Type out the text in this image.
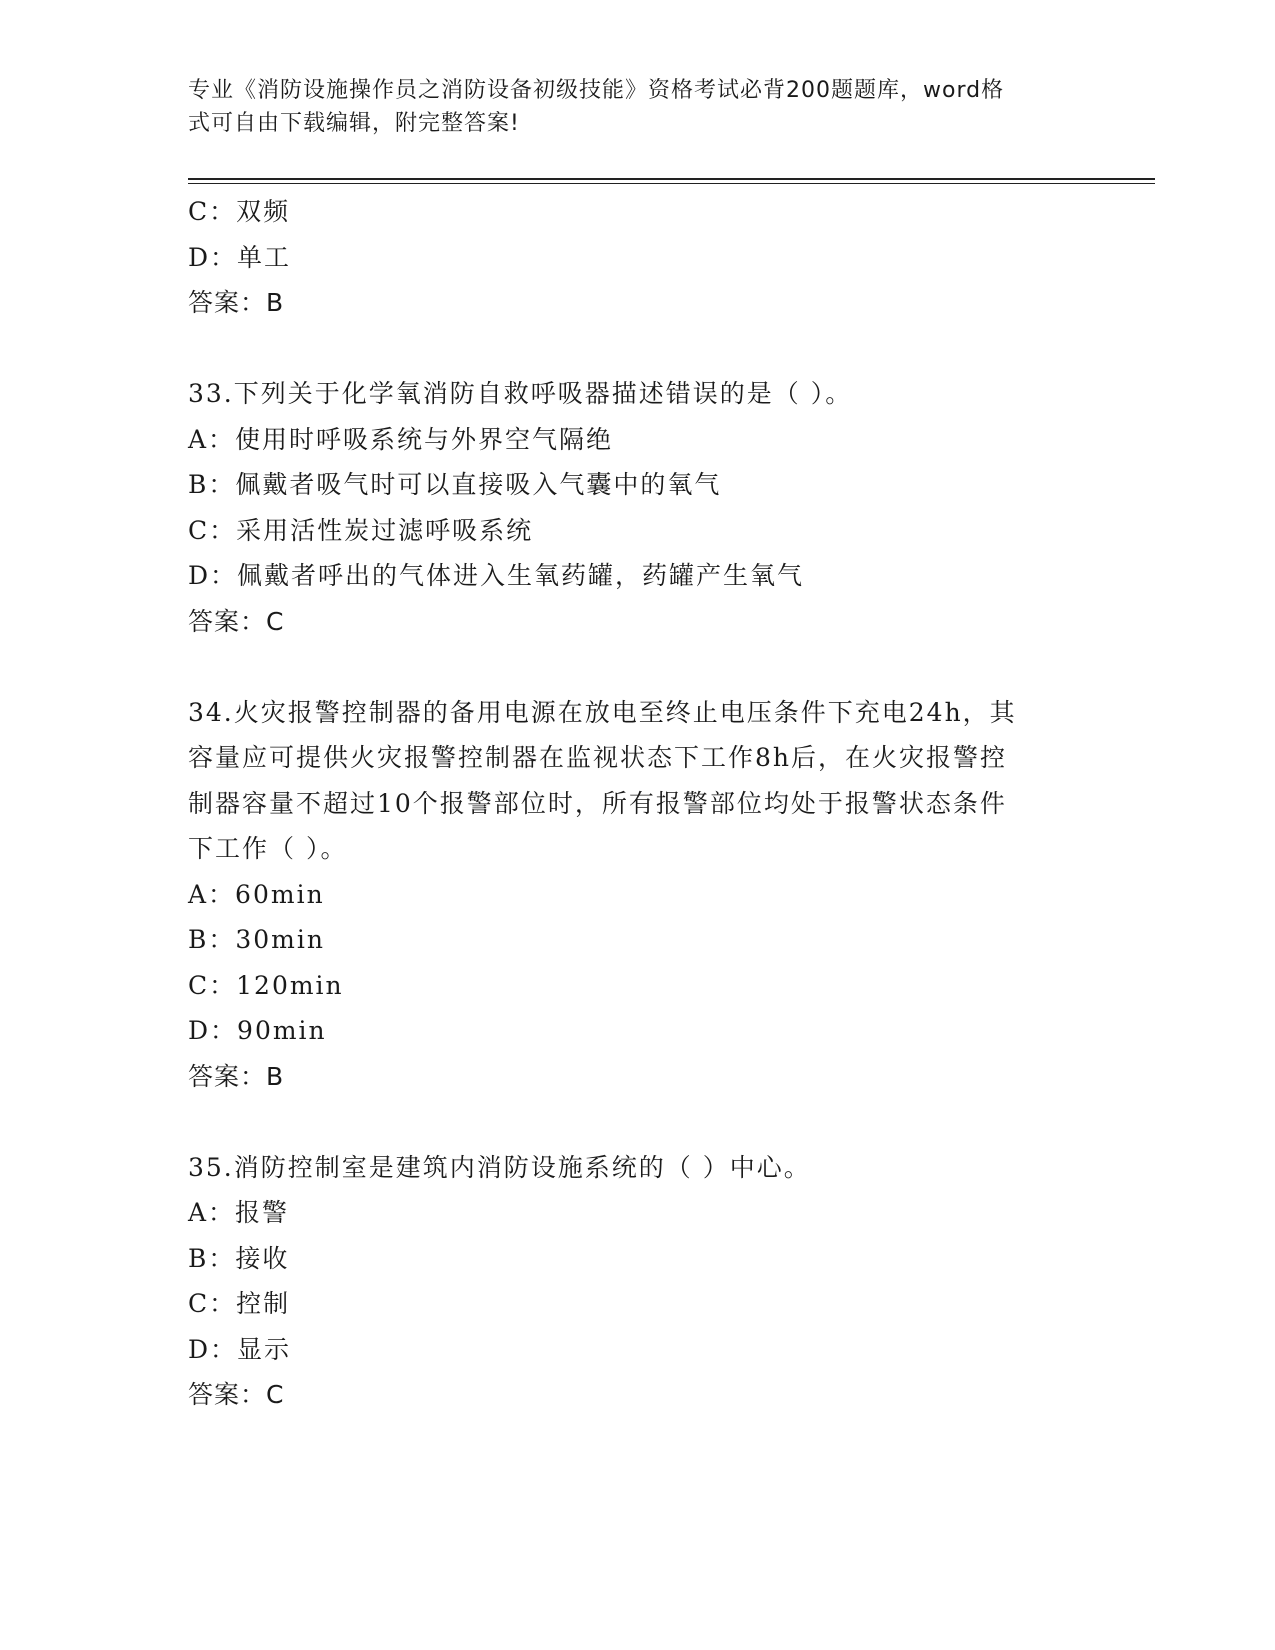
专业《消防设施操作员之消防设备初级技能》资格考试必背200题题库，word格
式可自由下载编辑，附完整答案!
C：双频
D：单工
答案：B
33.下列关于化学氧消防自救呼吸器描述错误的是（ ）。
A：使用时呼吸系统与外界空气隔绝
B：佩戴者吸气时可以直接吸入气囊中的氧气
C：采用活性炭过滤呼吸系统
D：佩戴者呼出的气体进入生氧药罐，药罐产生氧气
答案：C
34.火灾报警控制器的备用电源在放电至终止电压条件下充电24h，其
容量应可提供火灾报警控制器在监视状态下工作8h后，在火灾报警控
制器容量不超过10个报警部位时，所有报警部位均处于报警状态条件
下工作（ ）。
A：60min
B：30min
C：120min
D：90min
答案：B
35.消防控制室是建筑内消防设施系统的（ ）中心。
A：报警
B：接收
C：控制
D：显示
答案：C
